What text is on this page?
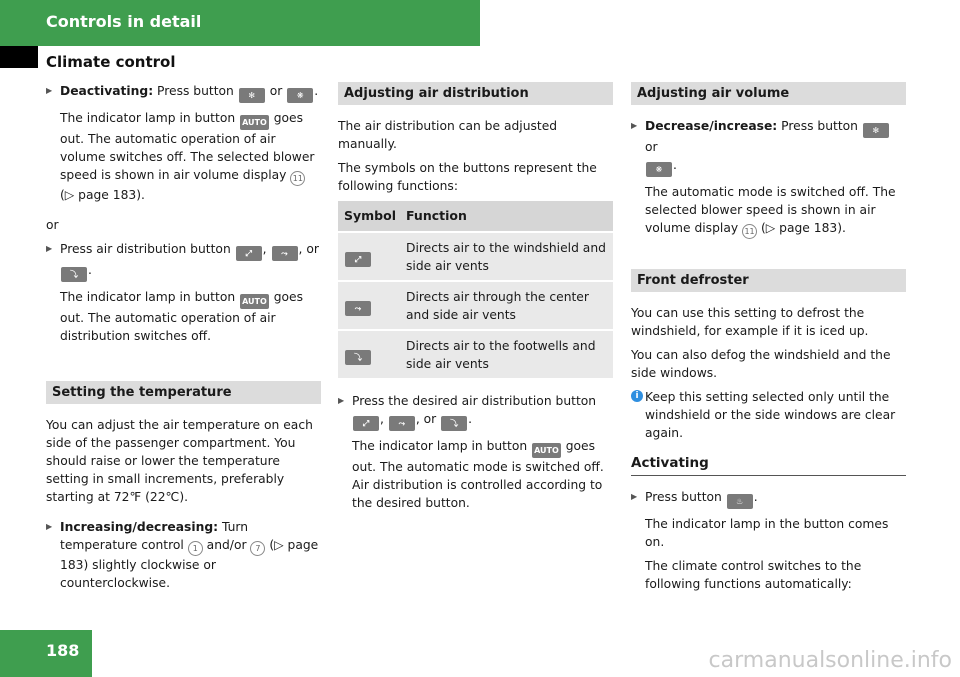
Controls in detail
Climate control

▶ Deactivating: Press button ✻ or ❋ .

The indicator lamp in button AUTO goes out. The automatic operation of air volume switches off. The selected blower speed is shown in air volume display 11
(▷ page 183).

or

▶ Press air distribution button ⤢ , ⤳ , or
⤵ .

The indicator lamp in button AUTO goes out. The automatic operation of air distribution switches off.

Setting the temperature

You can adjust the air temperature on each side of the passenger compartment. You should raise or lower the temperature setting in small increments, preferably starting at 72℉ (22℃).

▶ Increasing/decreasing: Turn temperature control 1 and/or 7 (▷ page 183) slightly clockwise or counterclockwise.

Adjusting air distribution

The air distribution can be adjusted manually.

The symbols on the buttons represent the following functions:

Symbol Function
⤢
Directs air to the windshield and side air vents
⤳
Directs air through the center and side air vents
⤵
Directs air to the footwells and side air vents

▶ Press the desired air distribution button
⤢ , ⤳ , or ⤵ .

The indicator lamp in button AUTO goes out. The automatic mode is switched off. Air distribution is controlled according to the desired button.

Adjusting air volume

▶ Decrease/increase: Press button ✻ or
❋ .

The automatic mode is switched off. The selected blower speed is shown in air volume display 11 (▷ page 183).

Front defroster

You can use this setting to defrost the windshield, for example if it is iced up.

You can also defog the windshield and the side windows.

i Keep this setting selected only until the windshield or the side windows are clear again.

Activating

▶ Press button ♨ .

The indicator lamp in the button comes on.

The climate control switches to the following functions automatically:

188	carmanualsonline.info
